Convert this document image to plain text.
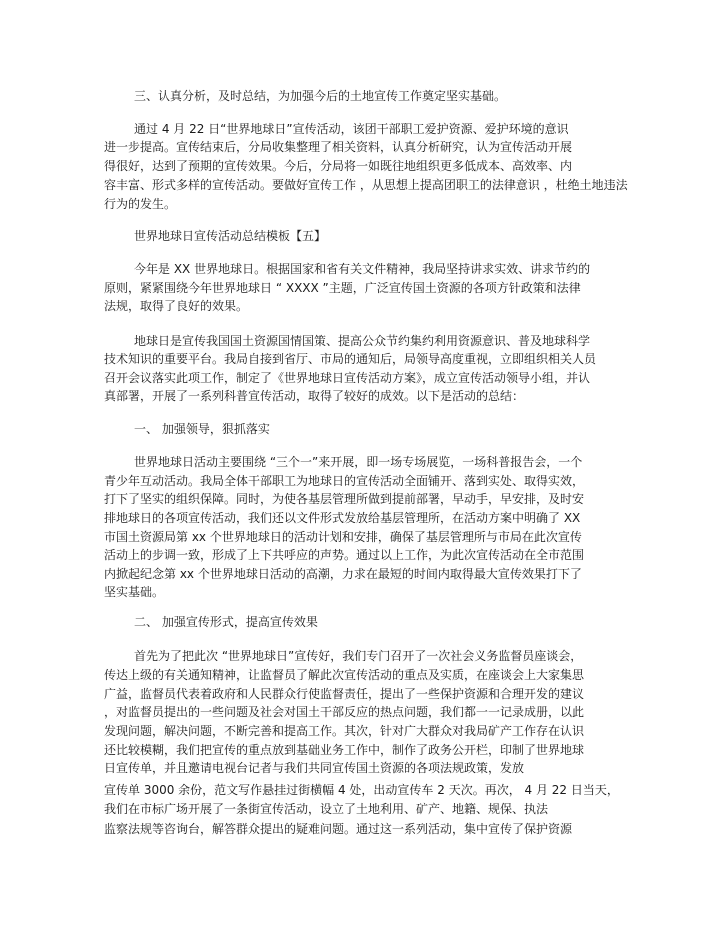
三、认真分析，及时总结，为加强今后的土地宣传工作奠定坚实基础。

通过 4 月 22 日“世界地球日”宣传活动，该团干部职工爱护资源、爱护环境的意识

进一步提高。宣传结束后，分局收集整理了相关资料，认真分析研究，认为宣传活动开展

得很好，达到了预期的宣传效果。今后，分局将一如既往地组织更多低成本、高效率、内

容丰富、形式多样的宣传活动。要做好宣传工作 ，从思想上提高团职工的法律意识 ，杜绝土地违法

行为的发生。

世界地球日宣传活动总结模板【五】

今年是 XX 世界地球日。根据国家和省有关文件精神，我局坚持讲求实效、讲求节约的

原则，紧紧围绕今年世界地球日 “ XXXX ”主题，广泛宣传国土资源的各项方针政策和法律

法规，取得了良好的效果。

地球日是宣传我国国土资源国情国策、提高公众节约集约利用资源意识、普及地球科学

技术知识的重要平台。我局自接到省厅、市局的通知后，局领导高度重视，立即组织相关人员

召开会议落实此项工作，制定了《世界地球日宣传活动方案》，成立宣传活动领导小组，并认

真部署，开展了一系列科普宣传活动，取得了较好的成效。以下是活动的总结：

一、 加强领导，狠抓落实

世界地球日活动主要围绕 “三个一”来开展，即一场专场展览，一场科普报告会，一个

青少年互动活动。我局全体干部职工为地球日的宣传活动全面铺开、落到实处、取得实效，

打下了坚实的组织保障。同时，为使各基层管理所做到提前部署，早动手，早安排，及时安

排地球日的各项宣传活动，我们还以文件形式发放给基层管理所，在活动方案中明确了 XX

市国土资源局第 xx 个世界地球日的活动计划和安排，确保了基层管理所与市局在此次宣传

活动上的步调一致，形成了上下共呼应的声势。通过以上工作，为此次宣传活动在全市范围

内掀起纪念第 xx 个世界地球日活动的高潮，力求在最短的时间内取得最大宣传效果打下了

坚实基础。

二、 加强宣传形式，提高宣传效果

首先为了把此次 “世界地球日”宣传好，我们专门召开了一次社会义务监督员座谈会，

传达上级的有关通知精神，让监督员了解此次宣传活动的重点及实质，在座谈会上大家集思

广益，监督员代表着政府和人民群众行使监督责任，提出了一些保护资源和合理开发的建议

，对监督员提出的一些问题及社会对国土干部反应的热点问题，我们都一一记录成册，以此

发现问题，解决问题，不断完善和提高工作。其次，针对广大群众对我局矿产工作存在认识

还比较模糊，我们把宣传的重点放到基础业务工作中，制作了政务公开栏，印制了世界地球

日宣传单，并且邀请电视台记者与我们共同宣传国土资源的各项法规政策，发放

宣传单 3000 余份，范文写作悬挂过街横幅 4 处，出动宣传车 2 天次。再次， 4 月 22 日当天，

我们在市标广场开展了一条街宣传活动，设立了土地利用、矿产、地籍、规保、执法

监察法规等咨询台，解答群众提出的疑难问题。通过这一系列活动，集中宣传了保护资源
